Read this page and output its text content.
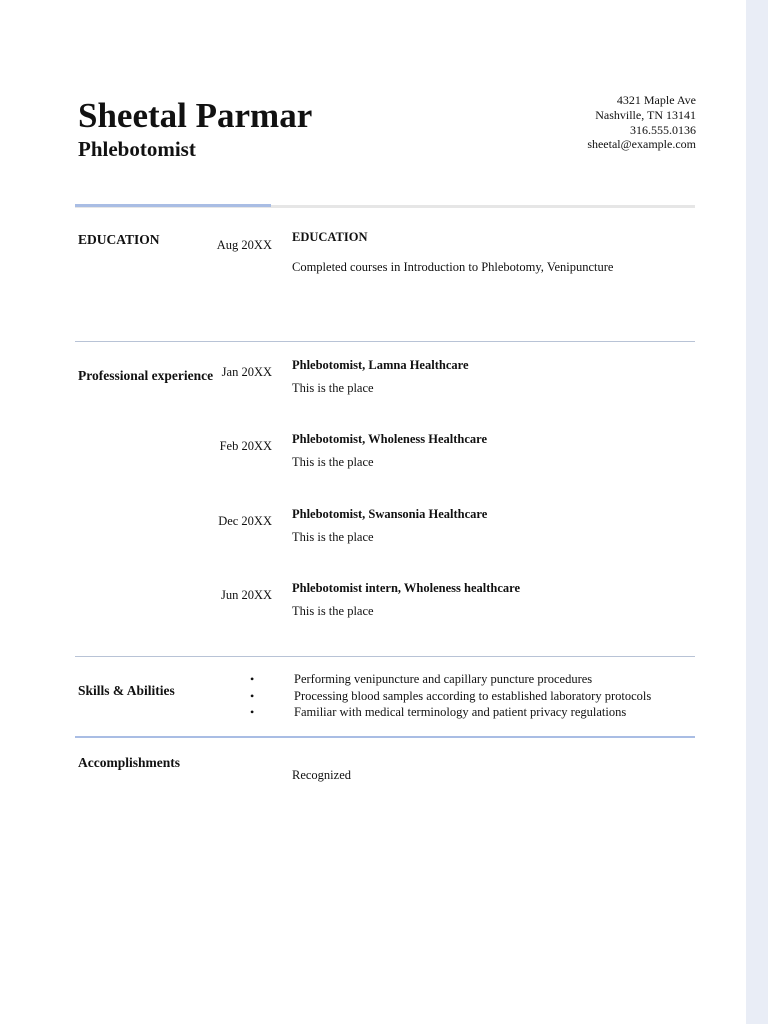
Sheetal Parmar
Phlebotomist
4321 Maple Ave
Nashville, TN 13141
316.555.0136
sheetal@example.com
EDUCATION	Aug 20XX
EDUCATION
Completed courses in Introduction to Phlebotomy, Venipuncture
Professional experience Jan 20XX Phlebotomist, Lamna Healthcare
This is the place
Feb 20XX Phlebotomist, Wholeness Healthcare
This is the place
Dec 20XX Phlebotomist, Swansonia Healthcare
This is the place
Jun 20XX Phlebotomist intern, Wholeness healthcare
This is the place
Skills & Abilities
•	Performing venipuncture and capillary puncture procedures
•	Processing blood samples according to established laboratory protocols
•	Familiar with medical terminology and patient privacy regulations
Accomplishments
Recognized
